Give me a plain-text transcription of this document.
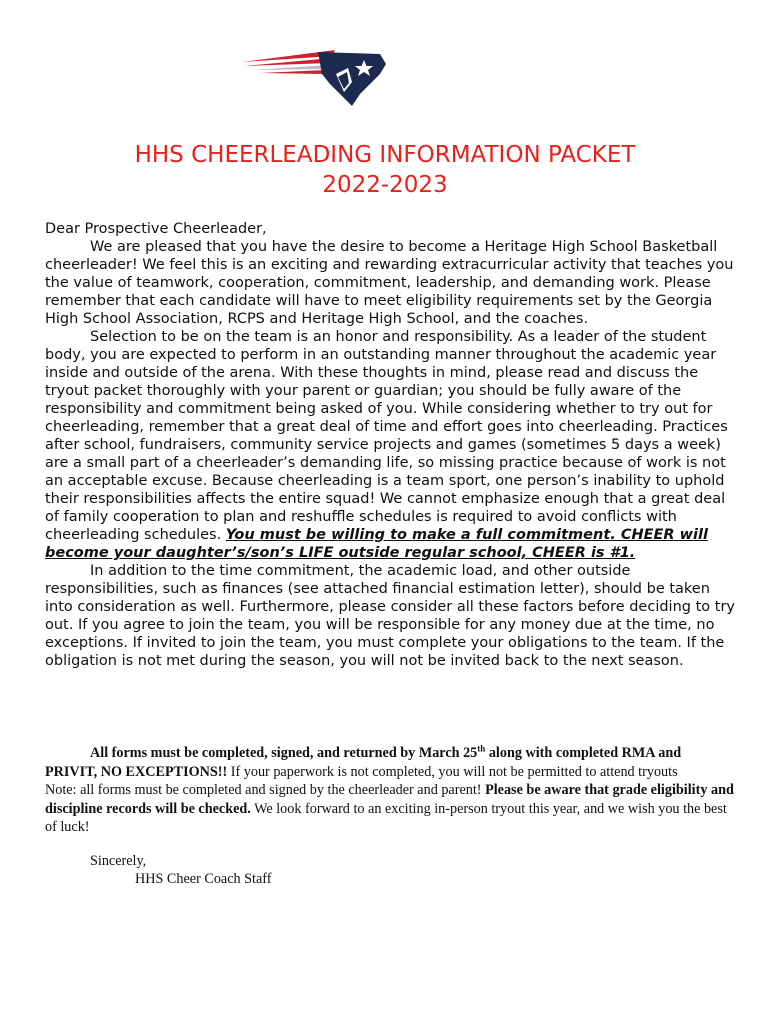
HHS CHEERLEADING INFORMATION PACKET
2022-2023

Dear Prospective Cheerleader,

We are pleased that you have the desire to become a Heritage High School Basketball cheerleader! We feel this is an exciting and rewarding extracurricular activity that teaches you the value of teamwork, cooperation, commitment, leadership, and demanding work. Please remember that each candidate will have to meet eligibility requirements set by the Georgia High School Association, RCPS and Heritage High School, and the coaches.

Selection to be on the team is an honor and responsibility. As a leader of the student body, you are expected to perform in an outstanding manner throughout the academic year inside and outside of the arena. With these thoughts in mind, please read and discuss the tryout packet thoroughly with your parent or guardian; you should be fully aware of the responsibility and commitment being asked of you. While considering whether to try out for cheerleading, remember that a great deal of time and effort goes into cheerleading. Practices after school, fundraisers, community service projects and games (sometimes 5 days a week) are a small part of a cheerleader’s demanding life, so missing practice because of work is not an acceptable excuse. Because cheerleading is a team sport, one person’s inability to uphold their responsibilities affects the entire squad! We cannot emphasize enough that a great deal of family cooperation to plan and reshuffle schedules is required to avoid conflicts with cheerleading schedules. You must be willing to make a full commitment. CHEER will become your daughter’s/son’s LIFE outside regular school, CHEER is #1.

In addition to the time commitment, the academic load, and other outside responsibilities, such as finances (see attached financial estimation letter), should be taken into consideration as well. Furthermore, please consider all these factors before deciding to try out. If you agree to join the team, you will be responsible for any money due at the time, no exceptions. If invited to join the team, you must complete your obligations to the team. If the obligation is not met during the season, you will not be invited back to the next season.

All forms must be completed, signed, and returned by March 25th along with completed RMA and PRIVIT, NO EXCEPTIONS!! If your paperwork is not completed, you will not be permitted to attend tryouts

Note: all forms must be completed and signed by the cheerleader and parent! Please be aware that grade eligibility and discipline records will be checked. We look forward to an exciting in-person tryout this year, and we wish you the best of luck!

Sincerely,
HHS Cheer Coach Staff
